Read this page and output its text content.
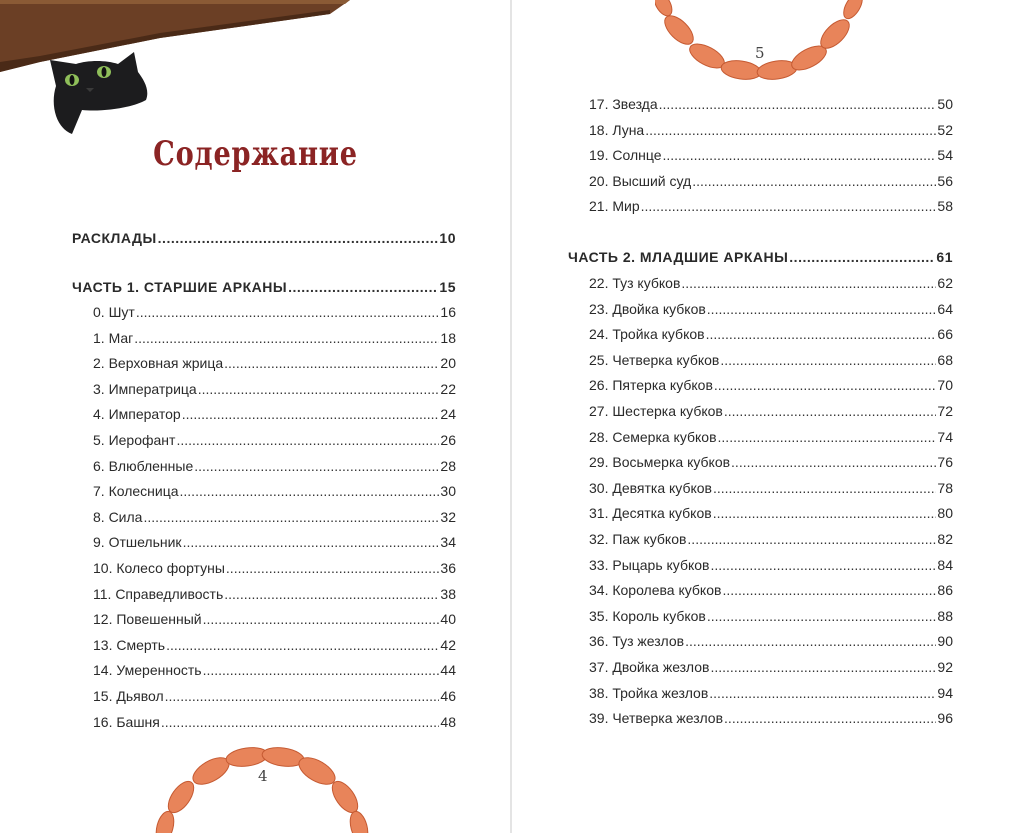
Содержание
РАСКЛАДЫ .....	10
ЧАСТЬ 1. СТАРШИЕ АРКАНЫ .....	15
0. Шут .....	16
1. Маг .....	18
2. Верховная жрица .....	20
3. Императрица .....	22
4. Император .....	24
5. Иерофант .....	26
6. Влюбленные .....	28
7. Колесница .....	30
8. Сила .....	32
9. Отшельник .....	34
10. Колесо фортуны .....	36
11. Справедливость .....	38
12. Повешенный .....	40
13. Смерть .....	42
14. Умеренность .....	44
15. Дьявол .....	46
16. Башня .....	48
4
5
17. Звезда .....	50
18. Луна .....	52
19. Солнце .....	54
20. Высший суд .....	56
21. Мир .....	58
ЧАСТЬ 2. МЛАДШИЕ АРКАНЫ .....	61
22. Туз кубков .....	62
23. Двойка кубков .....	64
24. Тройка кубков .....	66
25. Четверка кубков .....	68
26. Пятерка кубков .....	70
27. Шестерка кубков .....	72
28. Семерка кубков .....	74
29. Восьмерка кубков .....	76
30. Девятка кубков .....	78
31. Десятка кубков .....	80
32. Паж кубков .....	82
33. Рыцарь кубков .....	84
34. Королева кубков .....	86
35. Король кубков .....	88
36. Туз жезлов .....	90
37. Двойка жезлов .....	92
38. Тройка жезлов .....	94
39. Четверка жезлов .....	96
